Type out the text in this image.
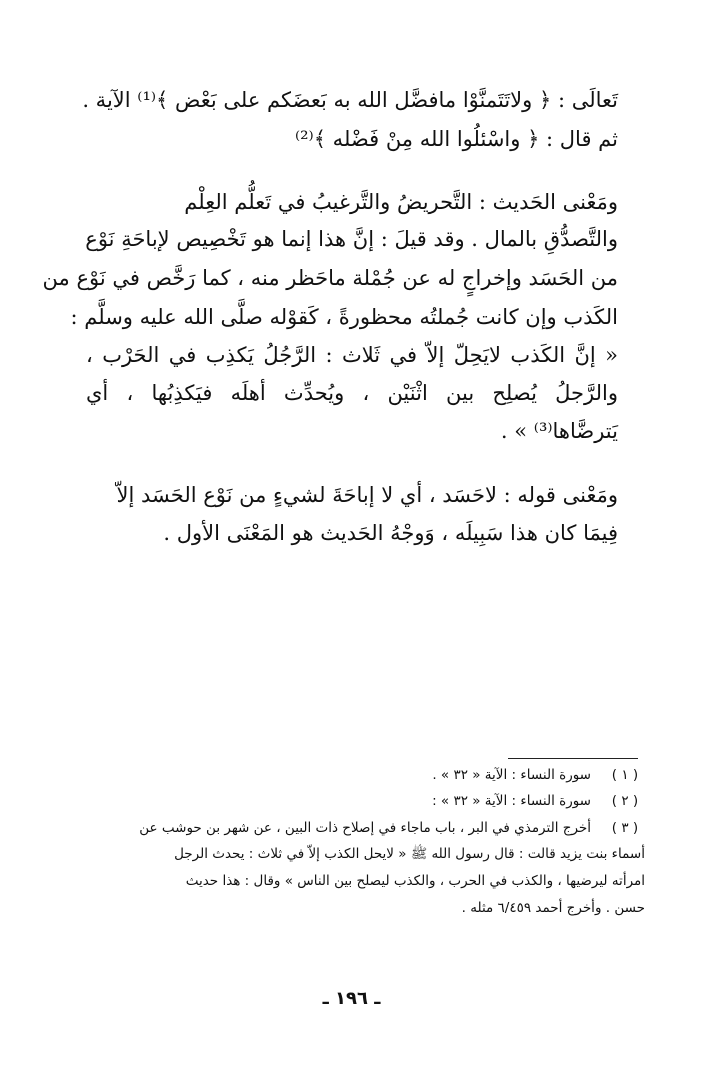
تَعالَى : ﴿ ولاتَتَمنَّوْا مافضَّل الله به بَعضَكم على بَعْض ﴾⁽¹⁾ الآية .
ثم قال : ﴿ واسْئلُوا الله مِنْ فَضْله ﴾⁽²⁾
ومَعْنى الحَديث : التَّحريضُ والتَّرغيبُ في تَعلُّم العِلْم
والتَّصدُّقِ بالمال . وقد قيلَ : إنَّ هذا إنما هو تَخْصِيص لإباحَةِ نَوْع
من الحَسَد وإخراجٍ له عن جُمْلة ماحَظر منه ، كما رَخَّص في نَوْع من
الكَذب وإن كانت جُملتُه محظورةً ، كَقوْله صلَّى الله عليه وسلَّم :
« إنَّ الكَذب لايَحِلّ إلاّ في ثَلاث : الرَّجُلُ يَكذِب في الحَرْب ،
والرَّجلُ يُصلِح بين اثْنَيْن ، ويُحدِّث أهلَه فيَكذِبُها ، أي
يَترضَّاها⁽³⁾ » .
ومَعْنى قوله : لاحَسَد ، أي لا إباحَةَ لشيءٍ من نَوْع الحَسَد إلاّ
فِيمَا كان هذا سَبِيلَه ، وَوجْهُ الحَديث هو المَعْنَى الأول .
( ١ )
سورة النساء : الآية « ٣٢ » .
( ٢ )
سورة النساء : الآية « ٣٢ » :
( ٣ )
أخرج الترمذي في البر ، باب ماجاء في إصلاح ذات البين ، عن شهر بن حوشب عن
أسماء بنت يزيد قالت : قال رسول الله ﷺ « لايحل الكذب إلاّ في ثلاث : يحدث الرجل
امرأته ليرضيها ، والكذب في الحرب ، والكذب ليصلح بين الناس » وقال : هذا حديث
حسن . وأخرج أحمد ٦/٤٥٩ مثله .
ـ ١٩٦ ـ
